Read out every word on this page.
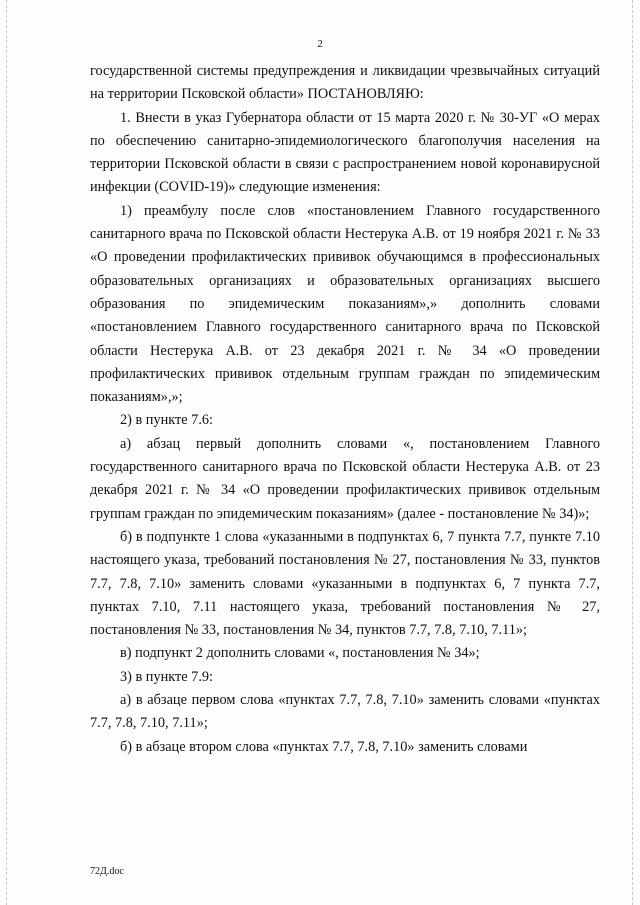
2

государственной системы предупреждения и ликвидации чрезвычайных ситуаций на территории Псковской области» ПОСТАНОВЛЯЮ:

1. Внести в указ Губернатора области от 15 марта 2020 г. № 30-УГ «О мерах по обеспечению санитарно-эпидемиологического благополучия населения на территории Псковской области в связи с распространением новой коронавирусной инфекции (COVID-19)» следующие изменения:

1) преамбулу после слов «постановлением Главного государственного санитарного врача по Псковской области Нестерука А.В. от 19 ноября 2021 г. № 33 «О проведении профилактических прививок обучающимся в профессиональных образовательных организациях и образовательных организациях высшего образования по эпидемическим показаниям»,» дополнить словами «постановлением Главного государственного санитарного врача по Псковской области Нестерука А.В. от 23 декабря 2021 г. № 34 «О проведении профилактических прививок отдельным группам граждан по эпидемическим показаниям»,»;

2) в пункте 7.6:

а) абзац первый дополнить словами «, постановлением Главного государственного санитарного врача по Псковской области Нестерука А.В. от 23 декабря 2021 г. № 34 «О проведении профилактических прививок отдельным группам граждан по эпидемическим показаниям» (далее - постановление № 34)»;

б) в подпункте 1 слова «указанными в подпунктах 6, 7 пункта 7.7, пункте 7.10 настоящего указа, требований постановления № 27, постановления № 33, пунктов 7.7, 7.8, 7.10» заменить словами «указанными в подпунктах 6, 7 пункта 7.7, пунктах 7.10, 7.11 настоящего указа, требований постановления № 27, постановления № 33, постановления № 34, пунктов 7.7, 7.8, 7.10, 7.11»;

в) подпункт 2 дополнить словами «, постановления № 34»;

3) в пункте 7.9:

а) в абзаце первом слова «пунктах 7.7, 7.8, 7.10» заменить словами «пунктах 7.7, 7.8, 7.10, 7.11»;

б) в абзаце втором слова «пунктах 7.7, 7.8, 7.10» заменить словами

72Д.doc
